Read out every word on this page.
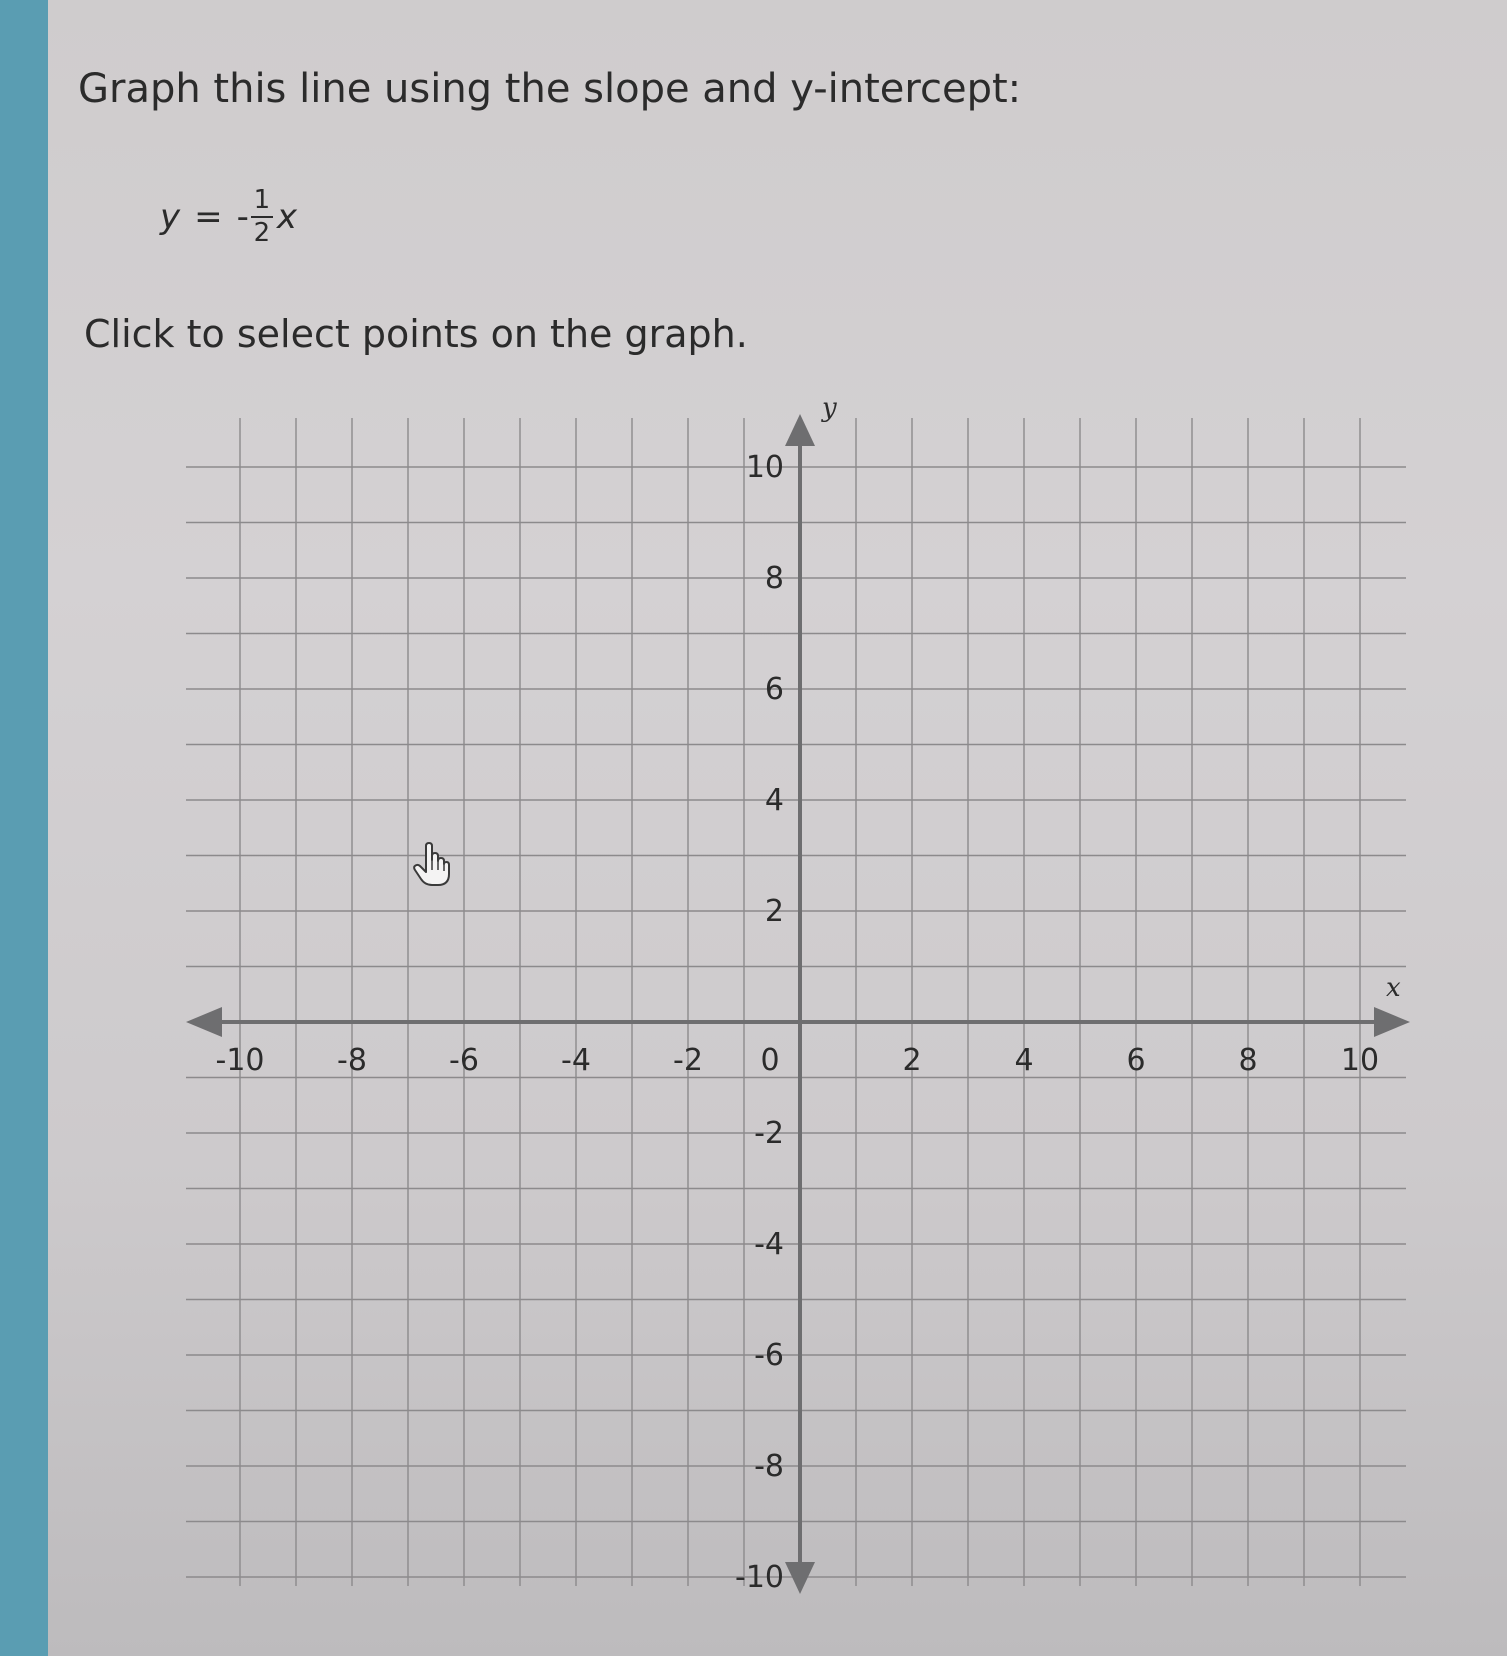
Graph this line using the slope and y-intercept:
y = - $\frac{1}{2}$ x
Click to select points on the graph.
-10 -8	-6	-4	-2 0	2	4	6	8	10
10
8
6
4
2
-2
-4
-6
-8
-10
x
y
